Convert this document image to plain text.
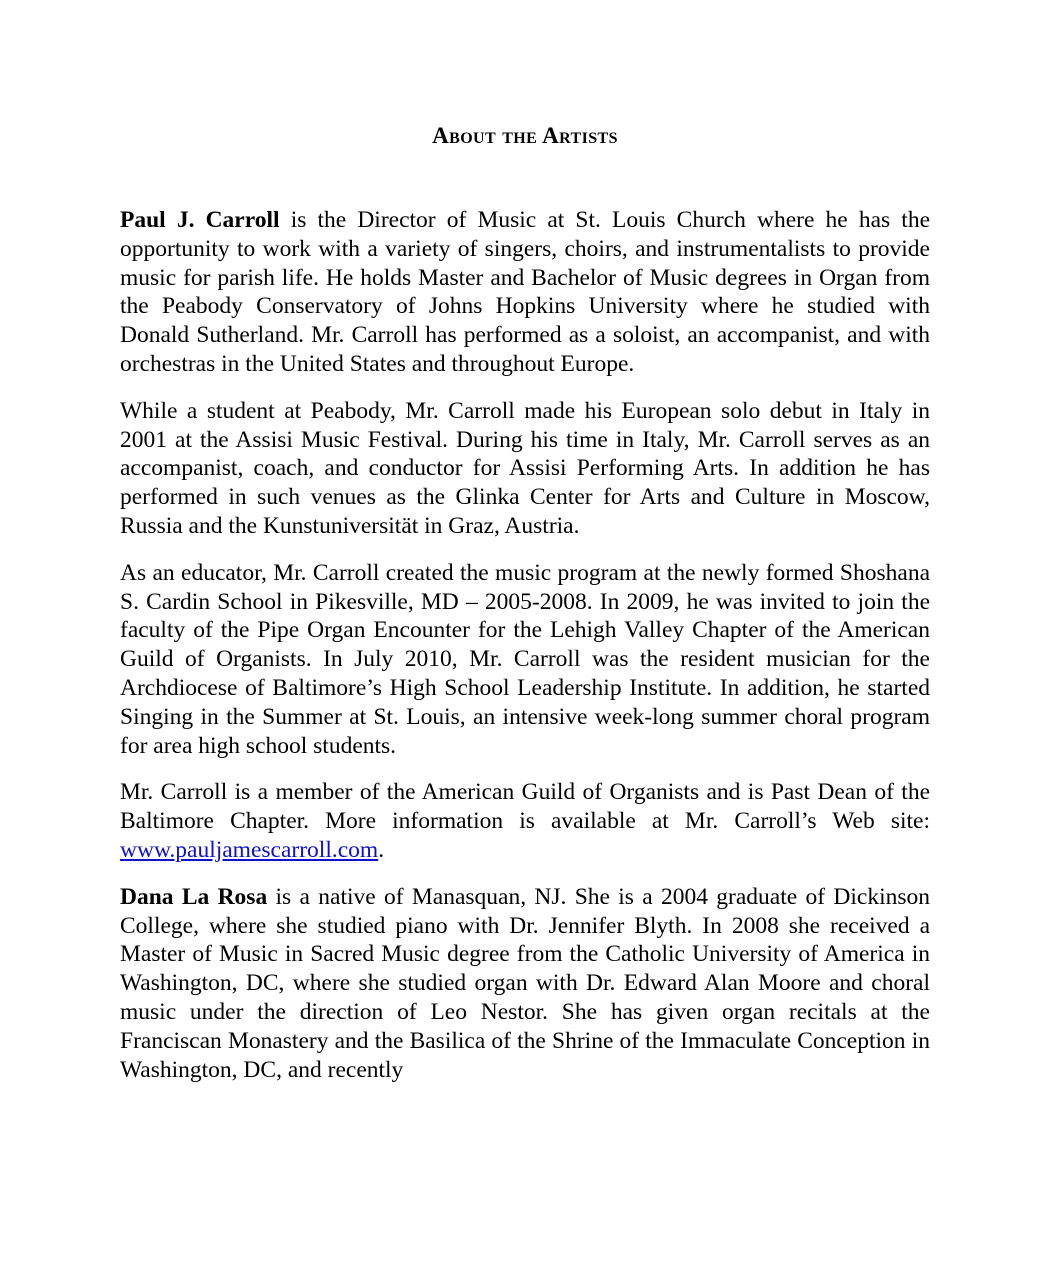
About the Artists

Paul J. Carroll is the Director of Music at St. Louis Church where he has the opportunity to work with a variety of singers, choirs, and instrumentalists to provide music for parish life. He holds Master and Bachelor of Music degrees in Organ from the Peabody Conservatory of Johns Hopkins University where he studied with Donald Sutherland. Mr. Carroll has performed as a soloist, an accompanist, and with orchestras in the United States and throughout Europe.

While a student at Peabody, Mr. Carroll made his European solo debut in Italy in 2001 at the Assisi Music Festival. During his time in Italy, Mr. Carroll serves as an accompanist, coach, and conductor for Assisi Performing Arts. In addition he has performed in such venues as the Glinka Center for Arts and Culture in Moscow, Russia and the Kunstuniversität in Graz, Austria.

As an educator, Mr. Carroll created the music program at the newly formed Shoshana S. Cardin School in Pikesville, MD – 2005-2008. In 2009, he was invited to join the faculty of the Pipe Organ Encounter for the Lehigh Valley Chapter of the American Guild of Organists. In July 2010, Mr. Carroll was the resident musician for the Archdiocese of Baltimore’s High School Leadership Institute. In addition, he started Singing in the Summer at St. Louis, an intensive week-long summer choral program for area high school students.

Mr. Carroll is a member of the American Guild of Organists and is Past Dean of the Baltimore Chapter. More information is available at Mr. Carroll’s Web site: www.pauljamescarroll.com.

Dana La Rosa is a native of Manasquan, NJ. She is a 2004 graduate of Dickinson College, where she studied piano with Dr. Jennifer Blyth. In 2008 she received a Master of Music in Sacred Music degree from the Catholic University of America in Washington, DC, where she studied organ with Dr. Edward Alan Moore and choral music under the direction of Leo Nestor. She has given organ recitals at the Franciscan Monastery and the Basilica of the Shrine of the Immaculate Conception in Washington, DC, and recently
